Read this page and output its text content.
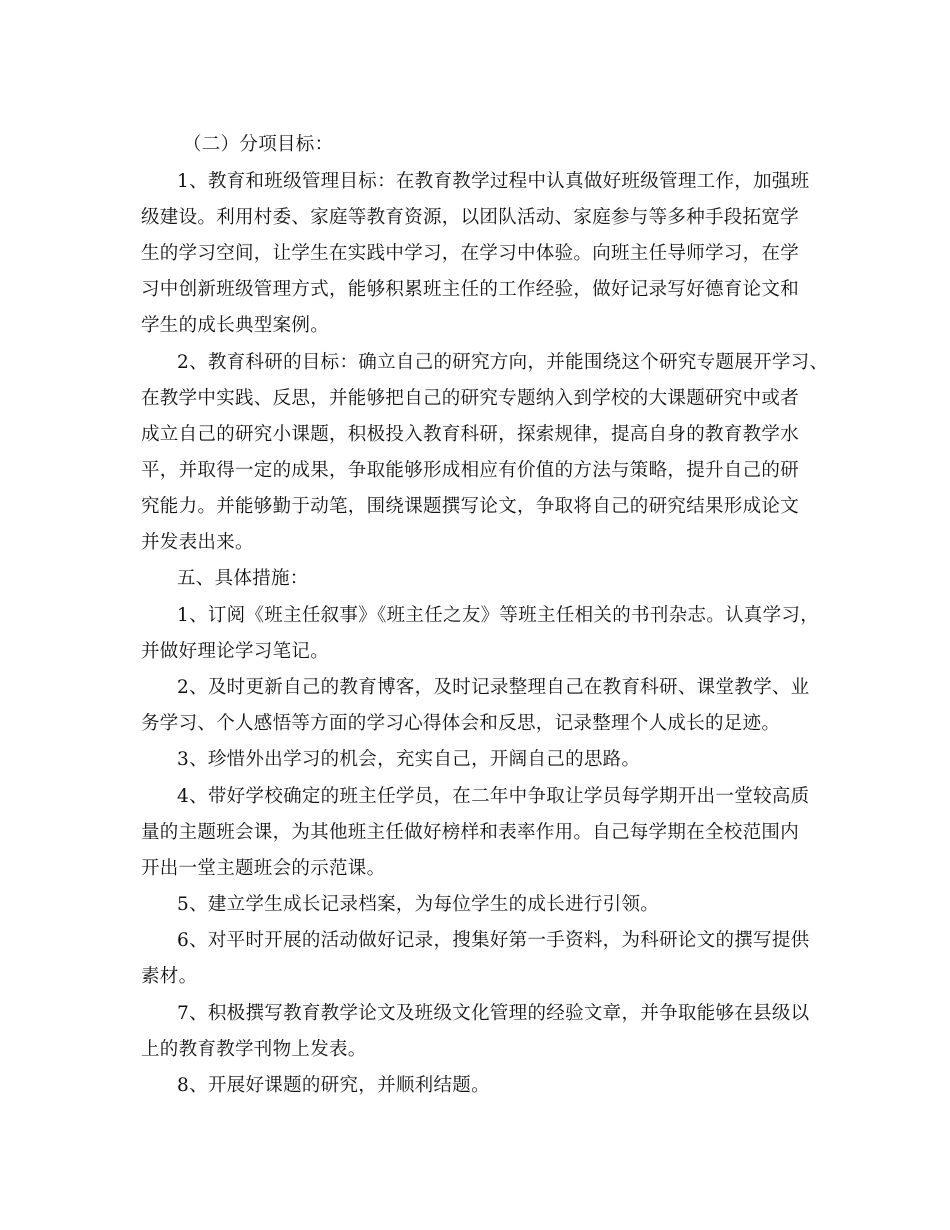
（二）分项目标：
1、教育和班级管理目标：在教育教学过程中认真做好班级管理工作，加强班
级建设。利用村委、家庭等教育资源，以团队活动、家庭参与等多种手段拓宽学
生的学习空间，让学生在实践中学习，在学习中体验。向班主任导师学习，在学
习中创新班级管理方式，能够积累班主任的工作经验，做好记录写好德育论文和
学生的成长典型案例。
2、教育科研的目标：确立自己的研究方向，并能围绕这个研究专题展开学习、
在教学中实践、反思，并能够把自己的研究专题纳入到学校的大课题研究中或者
成立自己的研究小课题，积极投入教育科研，探索规律，提高自身的教育教学水
平，并取得一定的成果，争取能够形成相应有价值的方法与策略，提升自己的研
究能力。并能够勤于动笔，围绕课题撰写论文，争取将自己的研究结果形成论文
并发表出来。
五、具体措施：
1、订阅《班主任叙事》《班主任之友》等班主任相关的书刊杂志。认真学习，
并做好理论学习笔记。
2、及时更新自己的教育博客，及时记录整理自己在教育科研、课堂教学、业
务学习、个人感悟等方面的学习心得体会和反思，记录整理个人成长的足迹。
3、珍惜外出学习的机会，充实自己，开阔自己的思路。
4、带好学校确定的班主任学员，在二年中争取让学员每学期开出一堂较高质
量的主题班会课，为其他班主任做好榜样和表率作用。自己每学期在全校范围内
开出一堂主题班会的示范课。
5、建立学生成长记录档案，为每位学生的成长进行引领。
6、对平时开展的活动做好记录，搜集好第一手资料，为科研论文的撰写提供
素材。
7、积极撰写教育教学论文及班级文化管理的经验文章，并争取能够在县级以
上的教育教学刊物上发表。
8、开展好课题的研究，并顺利结题。
